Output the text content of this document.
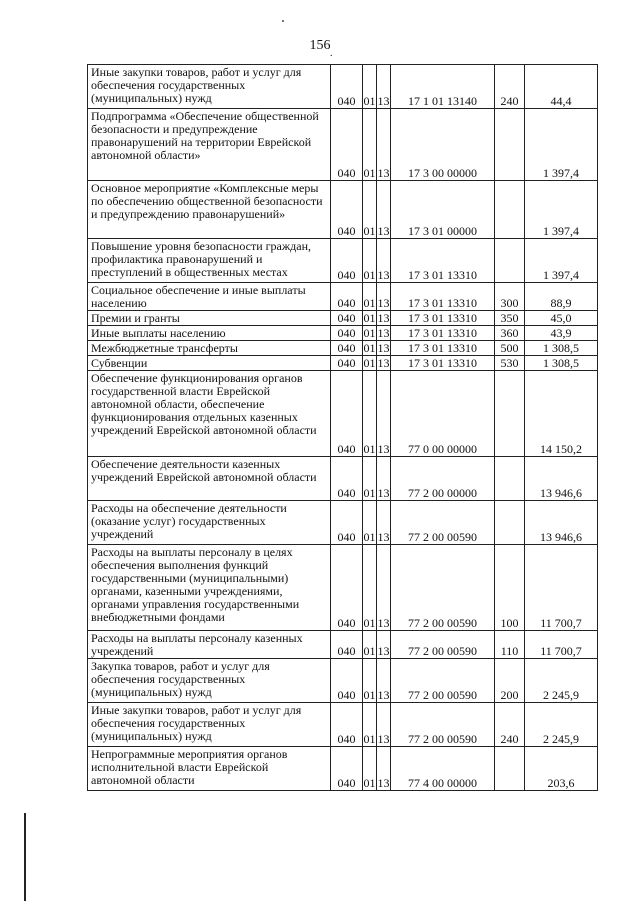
156
.
Иные закупки товаров, работ и услуг для обеспечения государственных (муниципальных) нужд	040	01	13	17 1 01 13140	240	44,4
Подпрограмма «Обеспечение общественной безопасности и предупреждение правонарушений на территории Еврейской автономной области»	040	01	13	17 3 00 00000		1 397,4
Основное мероприятие «Комплексные меры по обеспечению общественной безопасности и предупреждению правонарушений»	040	01	13	17 3 01 00000		1 397,4
Повышение уровня безопасности граждан, профилактика правонарушений и преступлений в общественных местах	040	01	13	17 3 01 13310		1 397,4
Социальное обеспечение и иные выплаты населению	040	01	13	17 3 01 13310	300	88,9
Премии и гранты	040	01	13	17 3 01 13310	350	45,0
Иные выплаты населению	040	01	13	17 3 01 13310	360	43,9
Межбюджетные трансферты	040	01	13	17 3 01 13310	500	1 308,5
Субвенции	040	01	13	17 3 01 13310	530	1 308,5
Обеспечение функционирования органов государственной власти Еврейской автономной области, обеспечение функционирования отдельных казенных учреждений Еврейской автономной области	040	01	13	77 0 00 00000		14 150,2
Обеспечение деятельности казенных учреждений Еврейской автономной области	040	01	13	77 2 00 00000		13 946,6
Расходы на обеспечение деятельности (оказание услуг) государственных учреждений	040	01	13	77 2 00 00590		13 946,6
Расходы на выплаты персоналу в целях обеспечения выполнения функций государственными (муниципальными) органами, казенными учреждениями, органами управления государственными внебюджетными фондами	040	01	13	77 2 00 00590	100	11 700,7
Расходы на выплаты персоналу казенных учреждений	040	01	13	77 2 00 00590	110	11 700,7
Закупка товаров, работ и услуг для обеспечения государственных (муниципальных) нужд	040	01	13	77 2 00 00590	200	2 245,9
Иные закупки товаров, работ и услуг для обеспечения государственных (муниципальных) нужд	040	01	13	77 2 00 00590	240	2 245,9
Непрограммные мероприятия органов исполнительной власти Еврейской автономной области	040	01	13	77 4 00 00000		203,6
